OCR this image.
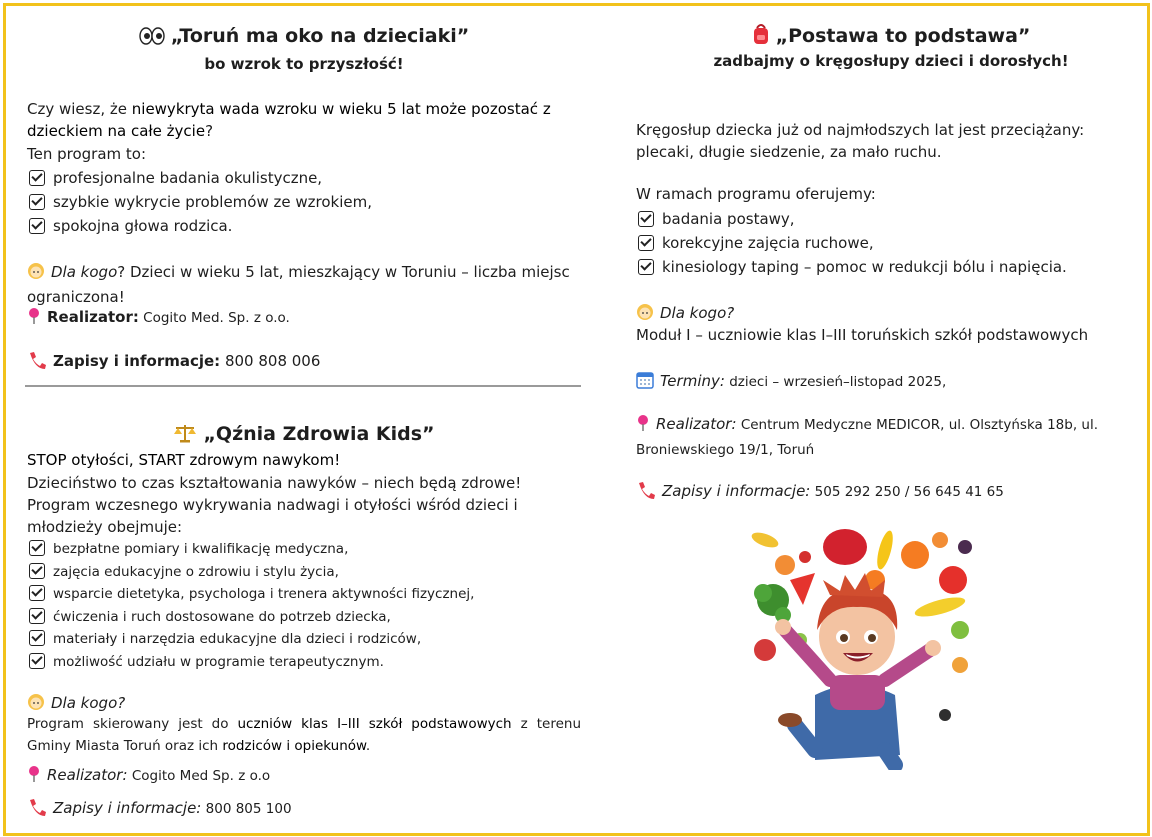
„Toruń ma oko na dzieciaki”
bo wzrok to przyszłość!
Czy wiesz, że niewykryta wada wzroku w wieku 5 lat może pozostać z dzieckiem na całe życie?
Ten program to:
profesjonalne badania okulistyczne,
szybkie wykrycie problemów ze wzrokiem,
spokojna głowa rodzica.
Dla kogo? Dzieci w wieku 5 lat, mieszkający w Toruniu – liczba miejsc ograniczona!
Realizator: Cogito Med. Sp. z o.o.
Zapisy i informacje: 800 808 006
„Qźnia Zdrowia Kids”
STOP otyłości, START zdrowym nawykom!
Dzieciństwo to czas kształtowania nawyków – niech będą zdrowe!
Program wczesnego wykrywania nadwagi i otyłości wśród dzieci i młodzieży obejmuje:
bezpłatne pomiary i kwalifikację medyczna,
zajęcia edukacyjne o zdrowiu i stylu życia,
wsparcie dietetyka, psychologa i trenera aktywności fizycznej,
ćwiczenia i ruch dostosowane do potrzeb dziecka,
materiały i narzędzia edukacyjne dla dzieci i rodziców,
możliwość udziału w programie terapeutycznym.
Dla kogo?
Program skierowany jest do uczniów klas I–III szkół podstawowych z terenu Gminy Miasta Toruń oraz ich rodziców i opiekunów.
Realizator: Cogito Med Sp. z o.o
Zapisy i informacje: 800 805 100
„Postawa to podstawa”
zadbajmy o kręgosłupy dzieci i dorosłych!
Kręgosłup dziecka już od najmłodszych lat jest przeciążany: plecaki, długie siedzenie, za mało ruchu.
W ramach programu oferujemy:
badania postawy,
korekcyjne zajęcia ruchowe,
kinesiology taping – pomoc w redukcji bólu i napięcia.
Dla kogo?
Moduł I – uczniowie klas I–III toruńskich szkół podstawowych
Terminy: dzieci – wrzesień–listopad 2025,
Realizator: Centrum Medyczne MEDICOR, ul. Olsztyńska 18b, ul. Broniewskiego 19/1, Toruń
Zapisy i informacje: 505 292 250 / 56 645 41 65
